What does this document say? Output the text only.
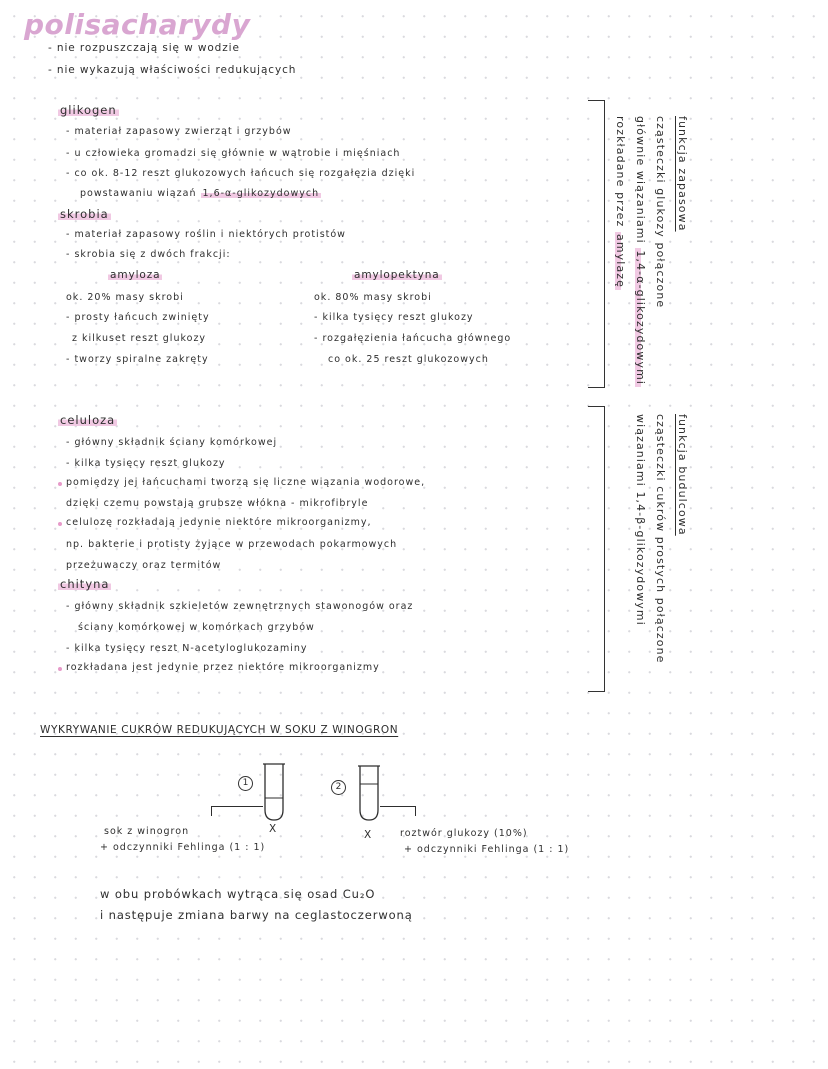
polisacharydy
- nie rozpuszczają się w wodzie
- nie wykazują właściwości redukujących
glikogen
- materiał zapasowy zwierząt i grzybów
- u człowieka gromadzi się głównie w wątrobie i mięśniach
- co ok. 8-12 reszt glukozowych łańcuch się rozgałęzia dzięki
powstawaniu wiązań 1,6-α-glikozydowych
skrobia
- materiał zapasowy roślin i niektórych protistów
- skrobia się z dwóch frakcji:
amyloza
ok. 20% masy skrobi
- prosty łańcuch zwinięty
z kilkuset reszt glukozy
- tworzy spiralne zakręty
amylopektyna
ok. 80% masy skrobi
- kilka tysięcy reszt glukozy
- rozgałęzienia łańcucha głównego
co ok. 25 reszt glukozowych
funkcja zapasowa
cząsteczki glukozy połączone
głównie wiązaniami 1,4-α-glikozydowymi
rozkładane przez amylazę
celuloza
- główny składnik ściany komórkowej
- kilka tysięcy reszt glukozy
pomiędzy jej łańcuchami tworzą się liczne wiązania wodorowe,
dzięki czemu powstają grubsze włókna - mikrofibryle
celulozę rozkładają jedynie niektóre mikroorganizmy,
np. bakterie i protisty żyjące w przewodach pokarmowych
przeżuwaczy oraz termitów
chityna
- główny składnik szkieletów zewnętrznych stawonogów oraz
ściany komórkowej w komórkach grzybów
- kilka tysięcy reszt N-acetyloglukozaminy
rozkładana jest jedynie przez niektóre mikroorganizmy
funkcja budulcowa
cząsteczki cukrów prostych połączone
wiązaniami 1,4-β-glikozydowymi
WYKRYWANIE CUKRÓW REDUKUJĄCYCH W SOKU Z WINOGRON
1
X
sok z winogron
+ odczynniki Fehlinga (1 : 1)
2
X	roztwór glukozy (10%)
+ odczynniki Fehlinga (1 : 1)
w obu probówkach wytrąca się osad Cu₂O
i następuje zmiana barwy na ceglastoczerwoną
